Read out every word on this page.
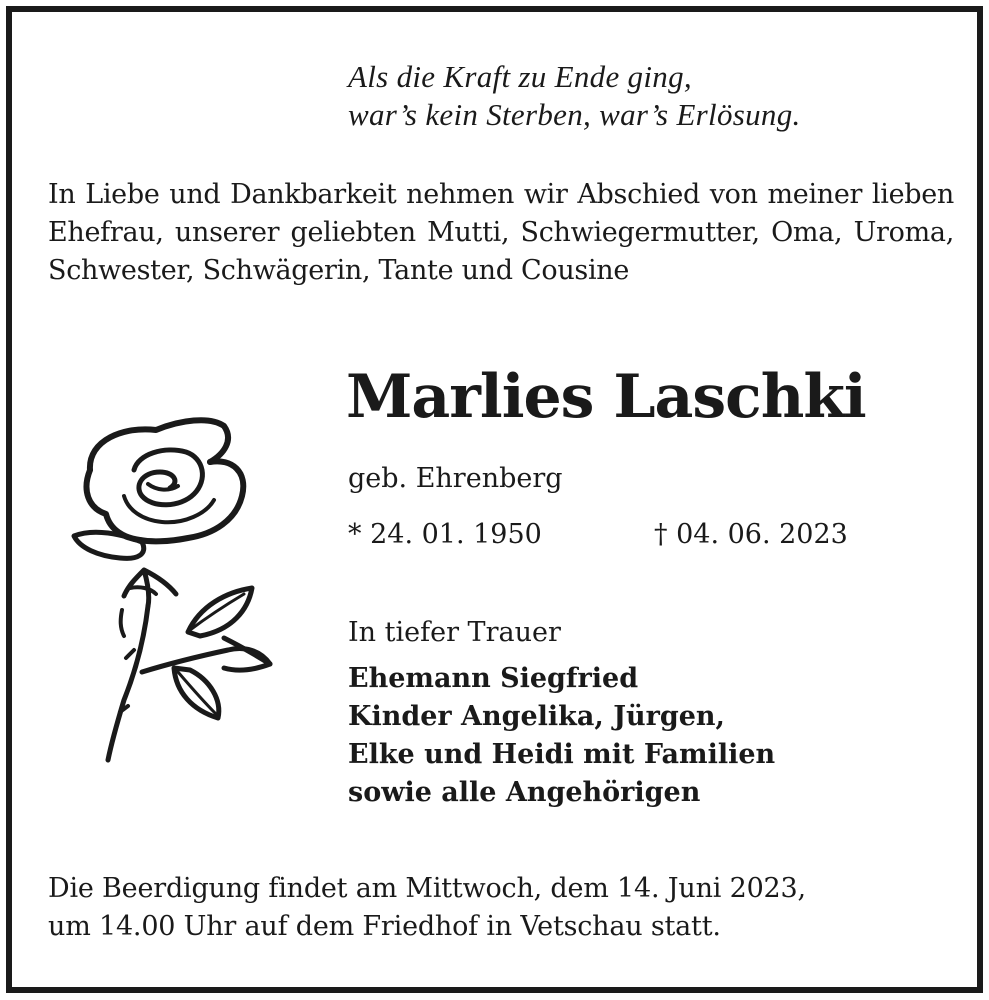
Als die Kraft zu Ende ging,
war’s kein Sterben, war’s Erlösung.
In Liebe und Dankbarkeit nehmen wir Abschied von meiner lieben Ehefrau, unserer geliebten Mutti, Schwiegermutter, Oma, Uroma, Schwester, Schwägerin, Tante und Cousine
Marlies Laschki
geb. Ehrenberg
* 24. 01. 1950	† 04. 06. 2023
In tiefer Trauer
Ehemann Siegfried
Kinder Angelika, Jürgen,
Elke und Heidi mit Familien
sowie alle Angehörigen
Die Beerdigung findet am Mittwoch, dem 14. Juni 2023,
um 14.00 Uhr auf dem Friedhof in Vetschau statt.
